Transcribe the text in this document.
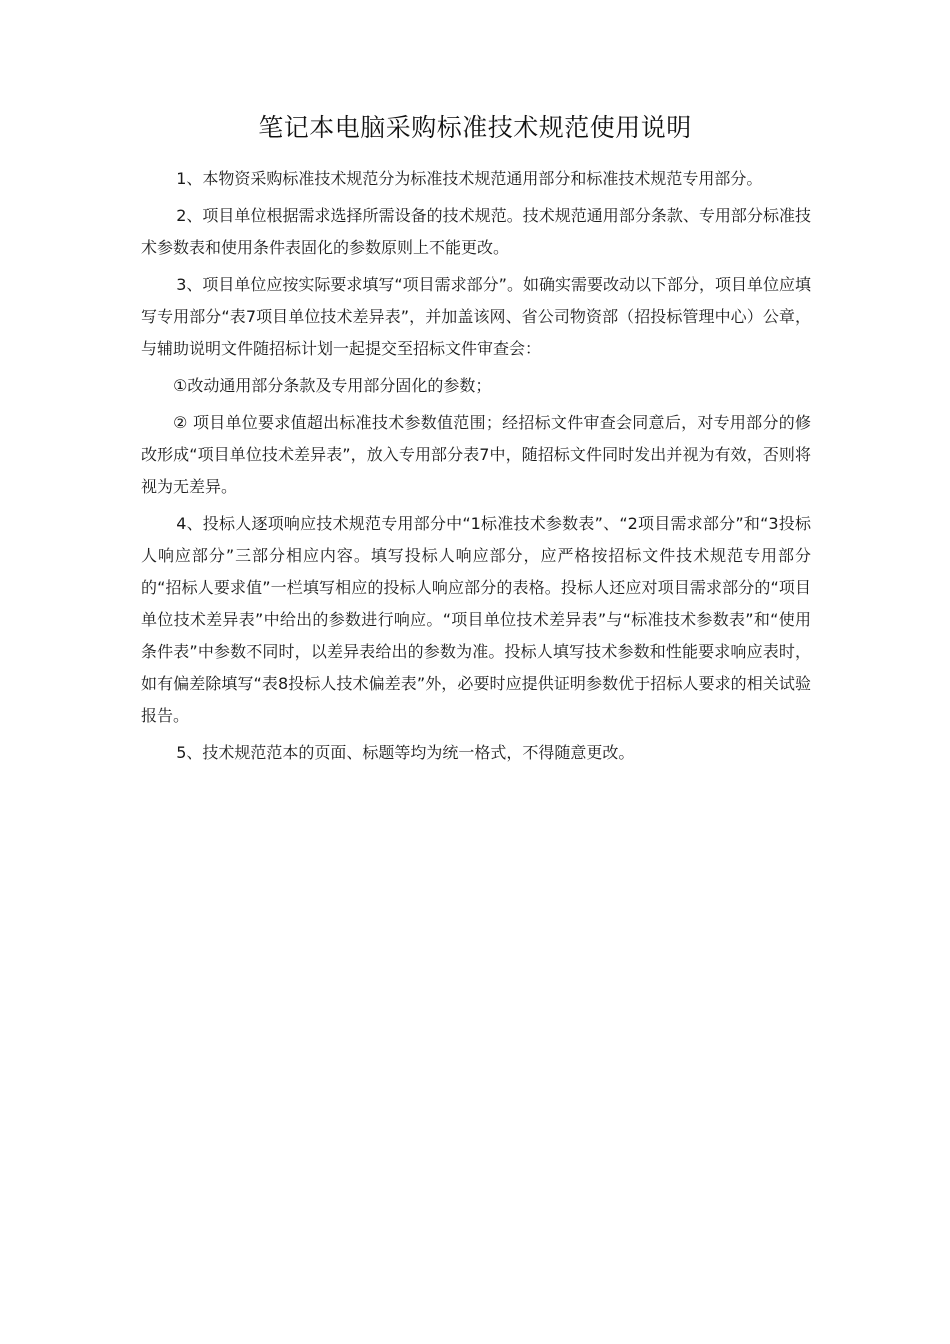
笔记本电脑采购标准技术规范使用说明

1、本物资采购标准技术规范分为标准技术规范通用部分和标准技术规范专用部分。

2、项目单位根据需求选择所需设备的技术规范。技术规范通用部分条款、专用部分标准技术参数表和使用条件表固化的参数原则上不能更改。

3、项目单位应按实际要求填写“项目需求部分”。如确实需要改动以下部分，项目单位应填写专用部分“表7项目单位技术差异表”，并加盖该网、省公司物资部（招投标管理中心）公章，与辅助说明文件随招标计划一起提交至招标文件审查会：

①改动通用部分条款及专用部分固化的参数；

② 项目单位要求值超出标准技术参数值范围；经招标文件审查会同意后，对专用部分的修改形成“项目单位技术差异表”，放入专用部分表7中，随招标文件同时发出并视为有效，否则将视为无差异。

4、投标人逐项响应技术规范专用部分中“1标准技术参数表”、“2项目需求部分”和“3投标人响应部分”三部分相应内容。填写投标人响应部分，应严格按招标文件技术规范专用部分的“招标人要求值”一栏填写相应的投标人响应部分的表格。投标人还应对项目需求部分的“项目单位技术差异表”中给出的参数进行响应。“项目单位技术差异表”与“标准技术参数表”和“使用条件表”中参数不同时，以差异表给出的参数为准。投标人填写技术参数和性能要求响应表时，如有偏差除填写“表8投标人技术偏差表”外，必要时应提供证明参数优于招标人要求的相关试验报告。

5、技术规范范本的页面、标题等均为统一格式，不得随意更改。
